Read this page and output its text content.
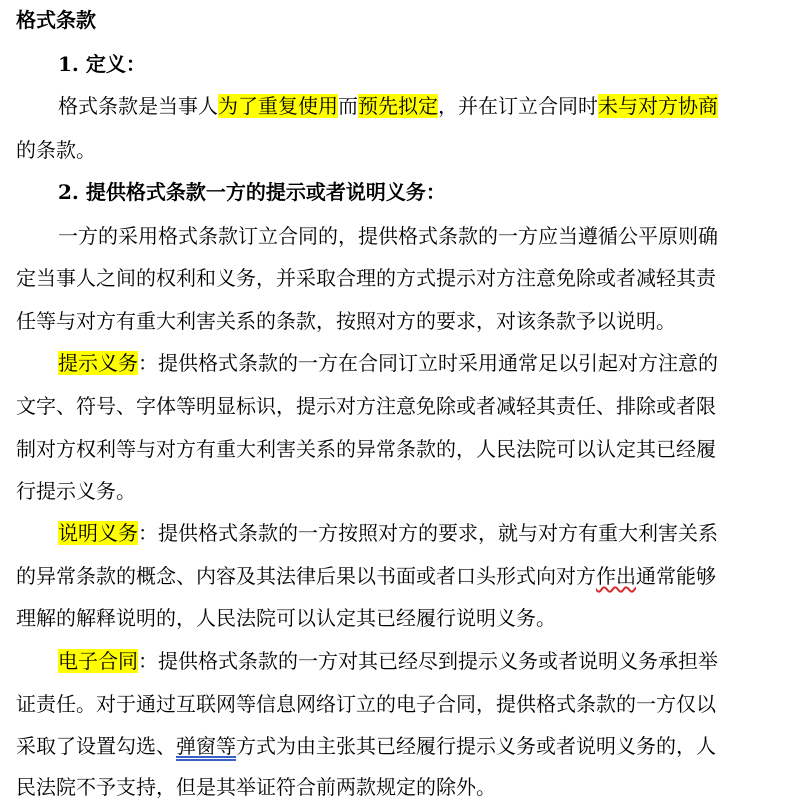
格式条款
1. 定义：
格式条款是当事人为了重复使用而预先拟定，并在订立合同时未与对方协商
的条款。
2. 提供格式条款一方的提示或者说明义务：
一方的采用格式条款订立合同的，提供格式条款的一方应当遵循公平原则确
定当事人之间的权利和义务，并采取合理的方式提示对方注意免除或者减轻其责
任等与对方有重大利害关系的条款，按照对方的要求，对该条款予以说明。
提示义务：提供格式条款的一方在合同订立时采用通常足以引起对方注意的
文字、符号、字体等明显标识，提示对方注意免除或者减轻其责任、排除或者限
制对方权利等与对方有重大利害关系的异常条款的，人民法院可以认定其已经履
行提示义务。
说明义务：提供格式条款的一方按照对方的要求，就与对方有重大利害关系
的异常条款的概念、内容及其法律后果以书面或者口头形式向对方作出通常能够
理解的解释说明的，人民法院可以认定其已经履行说明义务。
电子合同：提供格式条款的一方对其已经尽到提示义务或者说明义务承担举
证责任。对于通过互联网等信息网络订立的电子合同，提供格式条款的一方仅以
采取了设置勾选、弹窗等方式为由主张其已经履行提示义务或者说明义务的，人
民法院不予支持，但是其举证符合前两款规定的除外。
